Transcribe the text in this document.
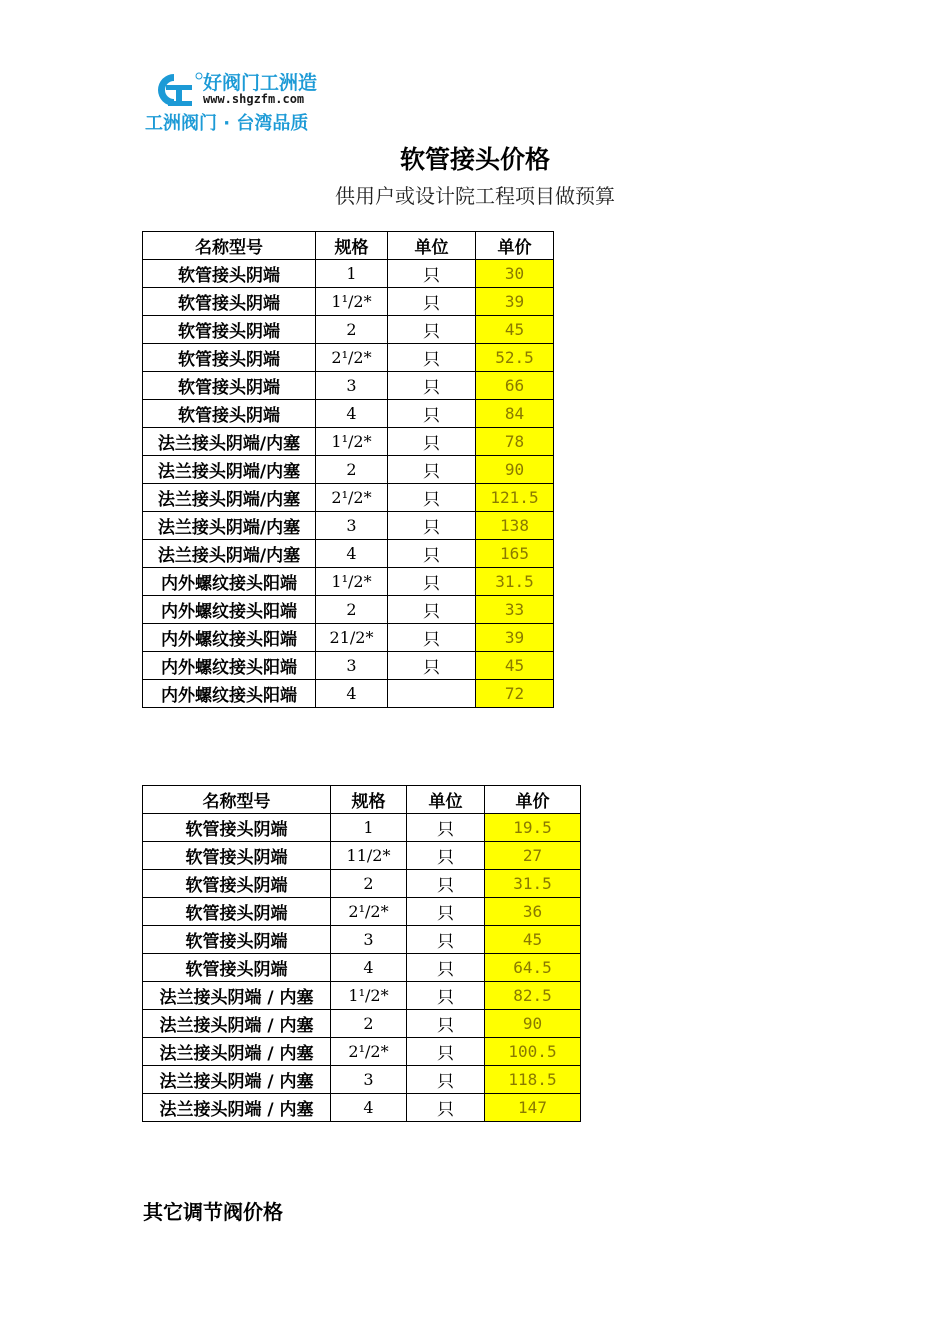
好阀门工洲造
www.shgzfm.com
工洲阀门 · 台湾品质
软管接头价格
供用户或设计院工程项目做预算
名称型号	规格	单位	单价
软管接头阴端	1	只	30
软管接头阴端	1¹/2*	只	39
软管接头阴端	2	只	45
软管接头阴端	2¹/2*	只	52.5
软管接头阴端	3	只	66
软管接头阴端	4	只	84
法兰接头阴端/内塞	1¹/2*	只	78
法兰接头阴端/内塞	2	只	90
法兰接头阴端/内塞	2¹/2*	只	121.5
法兰接头阴端/内塞	3	只	138
法兰接头阴端/内塞	4	只	165
内外螺纹接头阳端	1¹/2*	只	31.5
内外螺纹接头阳端	2	只	33
内外螺纹接头阳端	21/2*	只	39
内外螺纹接头阳端	3	只	45
内外螺纹接头阳端	4		72
名称型号	规格	单位	单价
软管接头阴端	1	只	19.5
软管接头阴端	11/2*	只	27
软管接头阴端	2	只	31.5
软管接头阴端	2¹/2*	只	36
软管接头阴端	3	只	45
软管接头阴端	4	只	64.5
法兰接头阴端 / 内塞	1¹/2*	只	82.5
法兰接头阴端 / 内塞	2	只	90
法兰接头阴端 / 内塞	2¹/2*	只	100.5
法兰接头阴端 / 内塞	3	只	118.5
法兰接头阴端 / 内塞	4	只	147
其它调节阀价格
